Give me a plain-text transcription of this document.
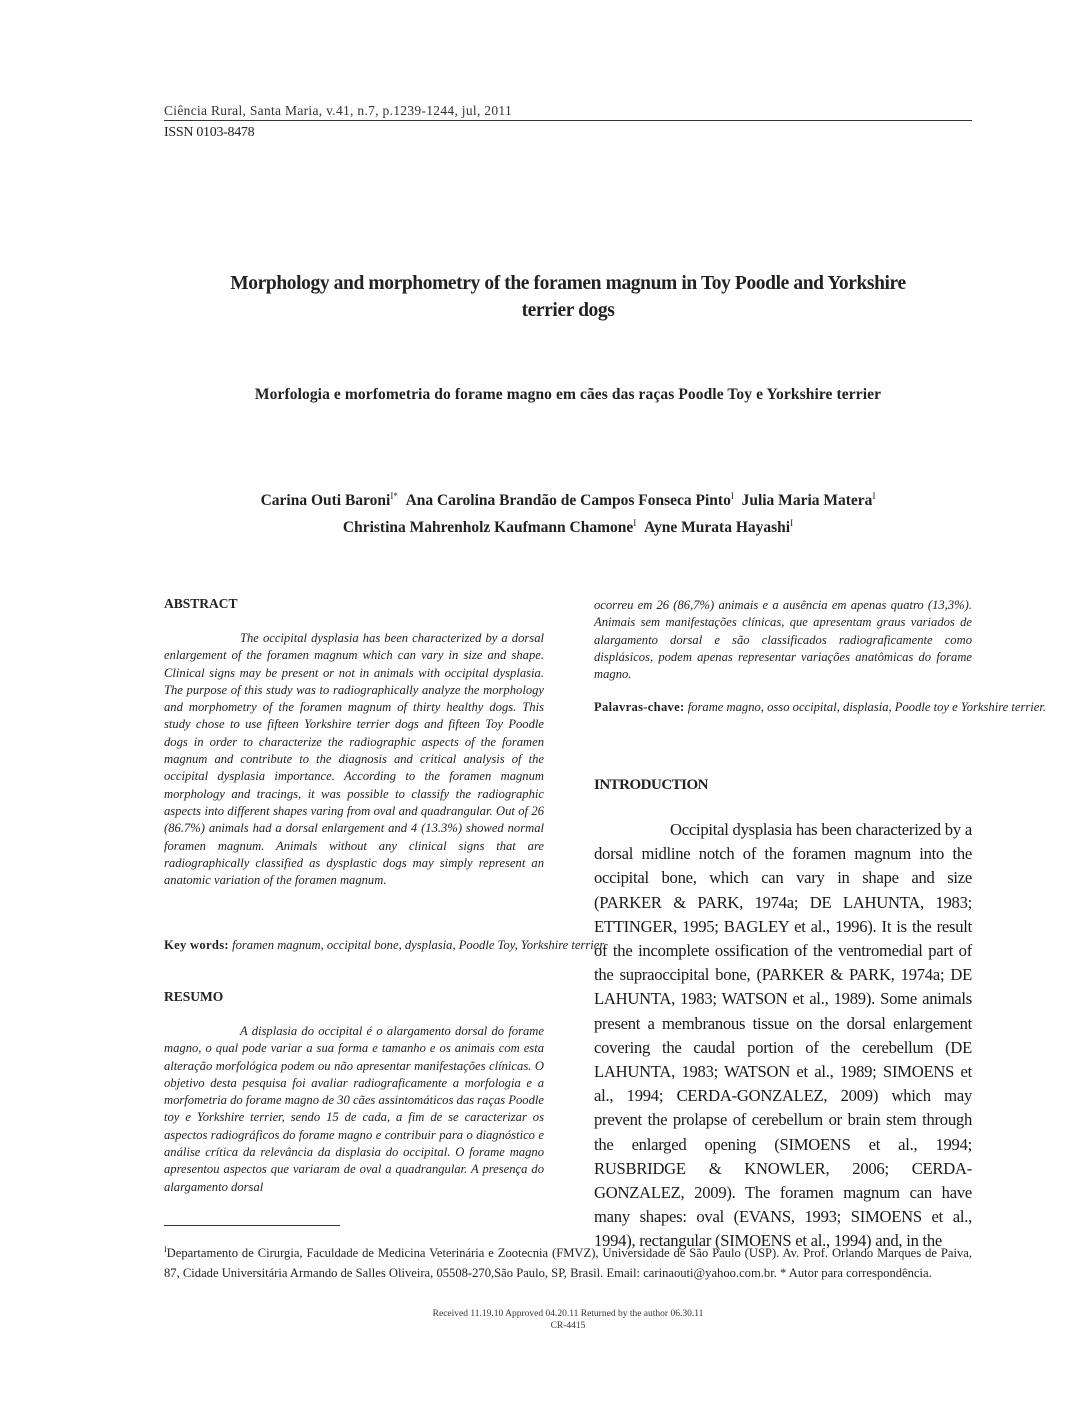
Ciência Rural, Santa Maria, v.41, n.7, p.1239-1244, jul, 2011
ISSN 0103-8478
Morphology and morphometry of the foramen magnum in Toy Poodle and Yorkshire
terrier dogs
Morfologia e morfometria do forame magno em cães das raças Poodle Toy e Yorkshire terrier
Carina Outi Baroni$^{I*}$ Ana Carolina Brandão de Campos Fonseca Pinto$^I$ Julia Maria Matera$^I$
Christina Mahrenholz Kaufmann Chamone$^I$ Ayne Murata Hayashi$^I$
ABSTRACT
The occipital dysplasia has been characterized by a dorsal enlargement of the foramen magnum which can vary in size and shape. Clinical signs may be present or not in animals with occipital dysplasia. The purpose of this study was to radiographically analyze the morphology and morphometry of the foramen magnum of thirty healthy dogs. This study chose to use fifteen Yorkshire terrier dogs and fifteen Toy Poodle dogs in order to characterize the radiographic aspects of the foramen magnum and contribute to the diagnosis and critical analysis of the occipital dysplasia importance. According to the foramen magnum morphology and tracings, it was possible to classify the radiographic aspects into different shapes varing from oval and quadrangular. Out of 26 (86.7%) animals had a dorsal enlargement and 4 (13.3%) showed normal foramen magnum. Animals without any clinical signs that are radiographically classified as dysplastic dogs may simply represent an anatomic variation of the foramen magnum.
Key words: foramen magnum, occipital bone, dysplasia, Poodle Toy, Yorkshire terrier.
RESUMO
A displasia do occipital é o alargamento dorsal do forame magno, o qual pode variar a sua forma e tamanho e os animais com esta alteração morfológica podem ou não apresentar manifestações clínicas. O objetivo desta pesquisa foi avaliar radiograficamente a morfologia e a morfometria do forame magno de 30 cães assintomáticos das raças Poodle toy e Yorkshire terrier, sendo 15 de cada, a fim de se caracterizar os aspectos radiográficos do forame magno e contribuir para o diagnóstico e análise crítica da relevância da displasia do occipital. O forame magno apresentou aspectos que variaram de oval a quadrangular. A presença do alargamento dorsal
ocorreu em 26 (86,7%) animais e a ausência em apenas quatro (13,3%). Animais sem manifestações clínicas, que apresentam graus variados de alargamento dorsal e são classificados radiograficamente como displásicos, podem apenas representar variações anatômicas do forame magno.
Palavras-chave: forame magno, osso occipital, displasia, Poodle toy e Yorkshire terrier.
INTRODUCTION
Occipital dysplasia has been characterized by a dorsal midline notch of the foramen magnum into the occipital bone, which can vary in shape and size (PARKER & PARK, 1974a; DE LAHUNTA, 1983; ETTINGER, 1995; BAGLEY et al., 1996). It is the result of the incomplete ossification of the ventromedial part of the supraoccipital bone, (PARKER & PARK, 1974a; DE LAHUNTA, 1983; WATSON et al., 1989). Some animals present a membranous tissue on the dorsal enlargement covering the caudal portion of the cerebellum (DE LAHUNTA, 1983; WATSON et al., 1989; SIMOENS et al., 1994; CERDA-GONZALEZ, 2009) which may prevent the prolapse of cerebellum or brain stem through the enlarged opening (SIMOENS et al., 1994; RUSBRIDGE & KNOWLER, 2006; CERDA-GONZALEZ, 2009). The foramen magnum can have many shapes: oval (EVANS, 1993; SIMOENS et al., 1994), rectangular (SIMOENS et al., 1994) and, in the
$^I$Departamento de Cirurgia, Faculdade de Medicina Veterinária e Zootecnia (FMVZ), Universidade de São Paulo (USP). Av. Prof. Orlando Marques de Paiva, 87, Cidade Universitária Armando de Salles Oliveira, 05508-270,São Paulo, SP, Brasil. Email: carinaouti@yahoo.com.br. * Autor para correspondência.
Received 11.19.10 Approved 04.20.11 Returned by the author 06.30.11
CR-4415
